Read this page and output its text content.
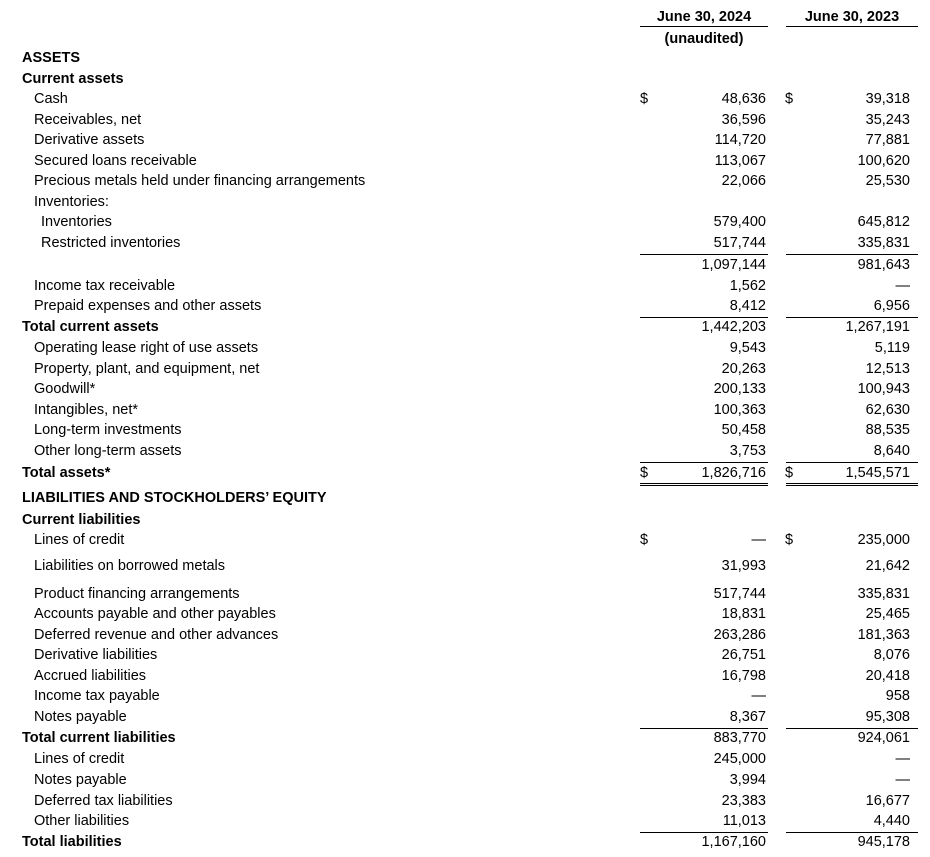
June 30, 2024
(unaudited)
June 30, 2023
ASSETS
Current assets
Cash	$	48,636 $	39,318
Receivables, net	36,596	35,243
Derivative assets	114,720	77,881
Secured loans receivable	113,067	100,620
Precious metals held under financing arrangements	22,066	25,530
Inventories:
Inventories	579,400	645,812
Restricted inventories	517,744	335,831
1,097,144	981,643
Income tax receivable	1,562	—
Prepaid expenses and other assets	8,412	6,956
Total current assets	1,442,203	1,267,191
Operating lease right of use assets	9,543	5,119
Property, plant, and equipment, net	20,263	12,513
Goodwill*	200,133	100,943
Intangibles, net*	100,363	62,630
Long-term investments	50,458	88,535
Other long-term assets	3,753	8,640
Total assets*	$	1,826,716 $	1,545,571
LIABILITIES AND STOCKHOLDERS’ EQUITY
Current liabilities
Lines of credit	$	— $	235,000
Liabilities on borrowed metals	31,993	21,642
Product financing arrangements	517,744	335,831
Accounts payable and other payables	18,831	25,465
Deferred revenue and other advances	263,286	181,363
Derivative liabilities	26,751	8,076
Accrued liabilities	16,798	20,418
Income tax payable	—	958
Notes payable	8,367	95,308
Total current liabilities	883,770	924,061
Lines of credit	245,000	—
Notes payable	3,994	—
Deferred tax liabilities	23,383	16,677
Other liabilities	11,013	4,440
Total liabilities	1,167,160	945,178
